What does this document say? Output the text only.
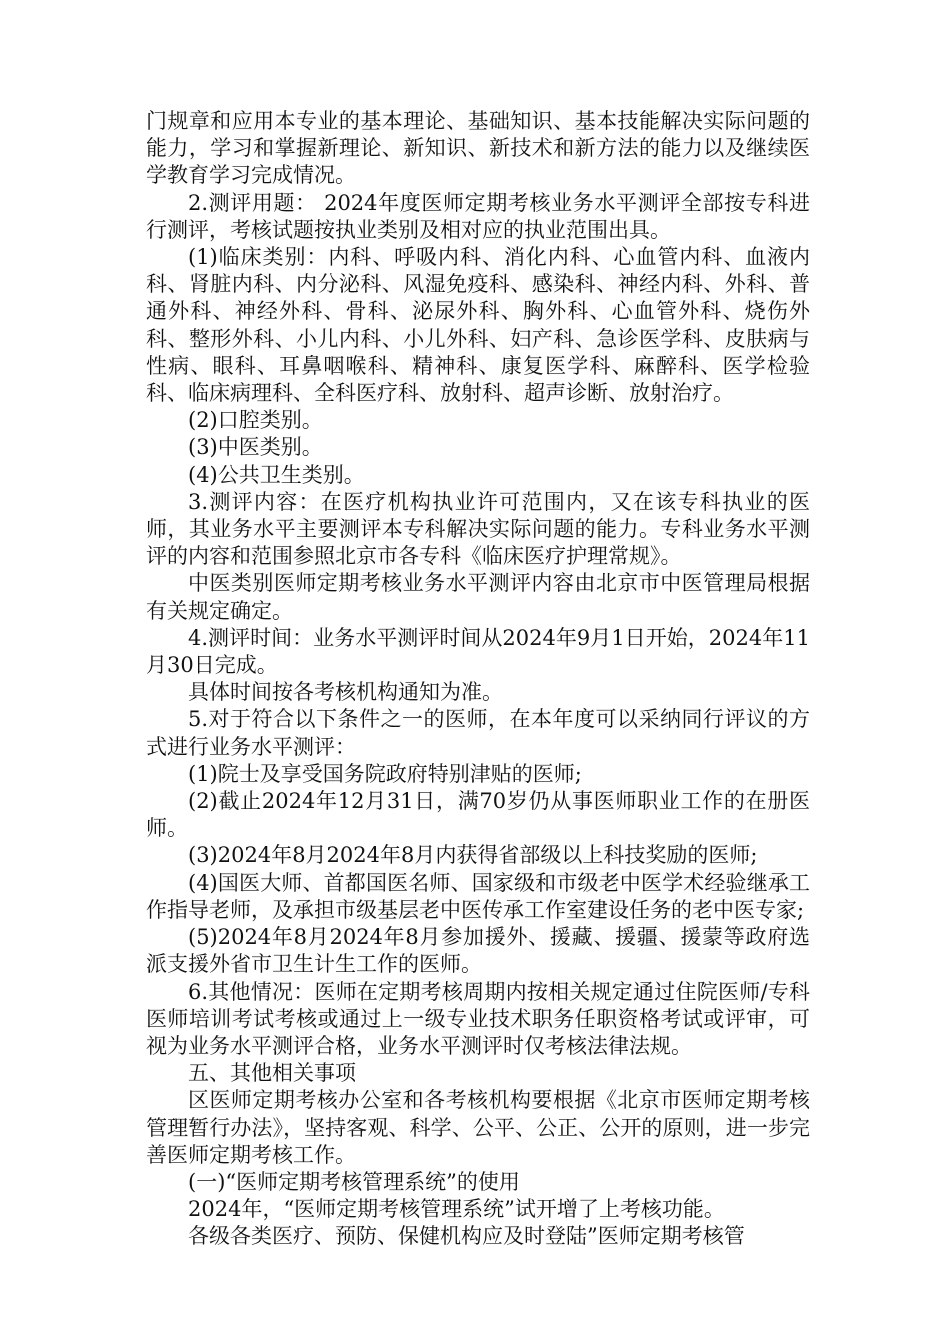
门规章和应用本专业的基本理论、基础知识、基本技能解决实际问题的能力，学习和掌握新理论、新知识、新技术和新方法的能力以及继续医学教育学习完成情况。

2.测评用题： 2024年度医师定期考核业务水平测评全部按专科进行测评，考核试题按执业类别及相对应的执业范围出具。

(1)临床类别：内科、呼吸内科、消化内科、心血管内科、血液内科、肾脏内科、内分泌科、风湿免疫科、感染科、神经内科、外科、普通外科、神经外科、骨科、泌尿外科、胸外科、心血管外科、烧伤外科、整形外科、小儿内科、小儿外科、妇产科、急诊医学科、皮肤病与性病、眼科、耳鼻咽喉科、精神科、康复医学科、麻醉科、医学检验科、临床病理科、全科医疗科、放射科、超声诊断、放射治疗。

(2)口腔类别。

(3)中医类别。

(4)公共卫生类别。

3.测评内容：在医疗机构执业许可范围内，又在该专科执业的医师，其业务水平主要测评本专科解决实际问题的能力。专科业务水平测评的内容和范围参照北京市各专科《临床医疗护理常规》。

中医类别医师定期考核业务水平测评内容由北京市中医管理局根据有关规定确定。

4.测评时间：业务水平测评时间从2024年9月1日开始，2024年11月30日完成。

具体时间按各考核机构通知为准。

5.对于符合以下条件之一的医师，在本年度可以采纳同行评议的方式进行业务水平测评：

(1)院士及享受国务院政府特别津贴的医师;

(2)截止2024年12月31日，满70岁仍从事医师职业工作的在册医师。

(3)2024年8月2024年8月内获得省部级以上科技奖励的医师;

(4)国医大师、首都国医名师、国家级和市级老中医学术经验继承工作指导老师，及承担市级基层老中医传承工作室建设任务的老中医专家;

(5)2024年8月2024年8月参加援外、援藏、援疆、援蒙等政府选派支援外省市卫生计生工作的医师。

6.其他情况：医师在定期考核周期内按相关规定通过住院医师/专科医师培训考试考核或通过上一级专业技术职务任职资格考试或评审，可视为业务水平测评合格，业务水平测评时仅考核法律法规。

五、其他相关事项

区医师定期考核办公室和各考核机构要根据《北京市医师定期考核管理暂行办法》，坚持客观、科学、公平、公正、公开的原则，进一步完善医师定期考核工作。

(一)“医师定期考核管理系统”的使用

2024年，“医师定期考核管理系统”试开增了上考核功能。

各级各类医疗、预防、保健机构应及时登陆”医师定期考核管
